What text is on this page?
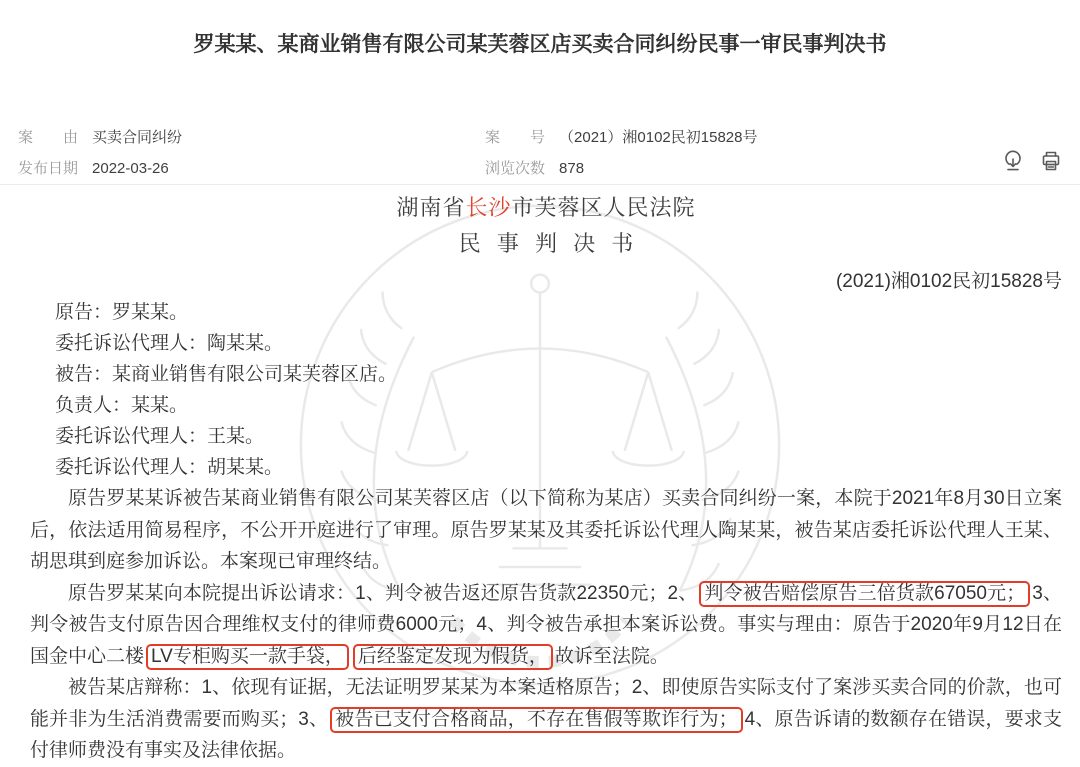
罗某某、某商业销售有限公司某芙蓉区店买卖合同纠纷民事一审民事判决书
案　　由 买卖合同纠纷	案　　号 （2021）湘0102民初15828号
发布日期 2022-03-26	浏览次数 878
湖南省长沙市芙蓉区人民法院
民 事 判 决 书
(2021)湘0102民初15828号

原告：罗某某。

委托诉讼代理人：陶某某。

被告：某商业销售有限公司某芙蓉区店。

负责人：某某。

委托诉讼代理人：王某。

委托诉讼代理人：胡某某。

原告罗某某诉被告某商业销售有限公司某芙蓉区店（以下简称为某店）买卖合同纠纷一案，本院于2021年8月30日立案后，依法适用简易程序，不公开开庭进行了审理。原告罗某某及其委托诉讼代理人陶某某，被告某店委托诉讼代理人王某、胡思琪到庭参加诉讼。本案现已审理终结。

原告罗某某向本院提出诉讼请求：1、判令被告返还原告货款22350元；2、 判令被告赔偿原告三倍货款67050元； 3、判令被告支付原告因合理维权支付的律师费6000元；4、判令被告承担本案诉讼费。事实与理由：原告于2020年9月12日在国金中心二楼 LV专柜购买一款手袋， 后经鉴定发现为假货， 故诉至法院。

被告某店辩称：1、依现有证据，无法证明罗某某为本案适格原告；2、即使原告实际支付了案涉买卖合同的价款，也可能并非为生活消费需要而购买；3、 被告已支付合格商品，不存在售假等欺诈行为； 4、原告诉请的数额存在错误，要求支付律师费没有事实及法律依据。
